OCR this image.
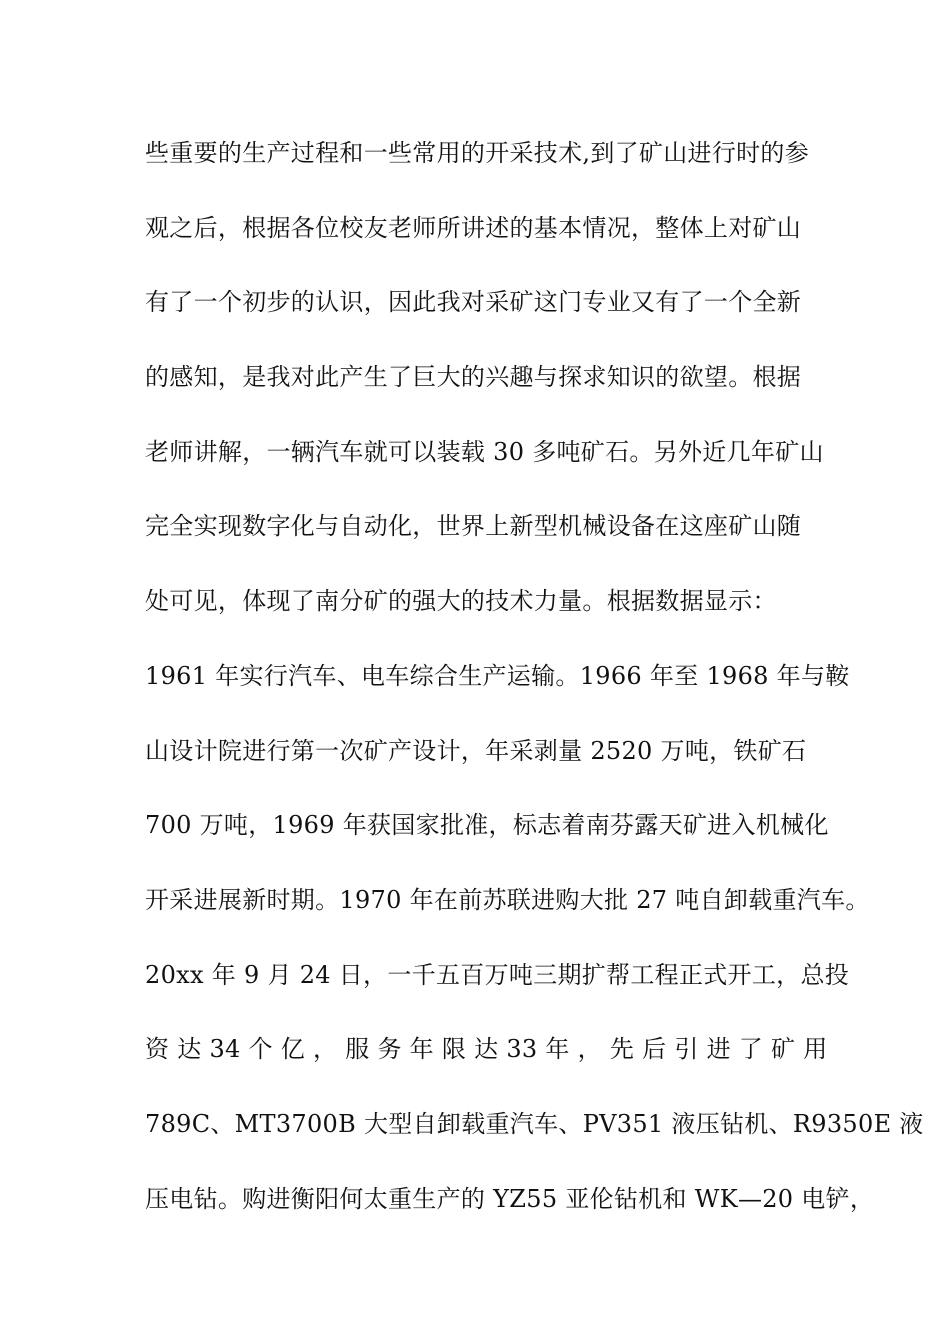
些重要的生产过程和一些常用的开采技术,到了矿山进行时的参
观之后，根据各位校友老师所讲述的基本情况，整体上对矿山
有了一个初步的认识，因此我对采矿这门专业又有了一个全新
的感知，是我对此产生了巨大的兴趣与探求知识的欲望。根据
老师讲解，一辆汽车就可以装载 30 多吨矿石。另外近几年矿山
完全实现数字化与自动化，世界上新型机械设备在这座矿山随
处可见，体现了南分矿的强大的技术力量。根据数据显示：
1961 年实行汽车、电车综合生产运输。1966 年至 1968 年与鞍
山设计院进行第一次矿产设计，年采剥量 2520 万吨，铁矿石
700 万吨，1969 年获国家批准，标志着南芬露天矿进入机械化
开采进展新时期。1970 年在前苏联进购大批 27 吨自卸载重汽车。
20xx 年 9 月 24 日，一千五百万吨三期扩帮工程正式开工，总投
资 达 34 个 亿 ， 服 务 年 限 达 33 年 ， 先 后 引 进 了 矿 用
789C、MT3700B 大型自卸载重汽车、PV351 液压钻机、R9350E 液
压电钻。购进衡阳何太重生产的 YZ55 亚伦钻机和 WK—20 电铲，
